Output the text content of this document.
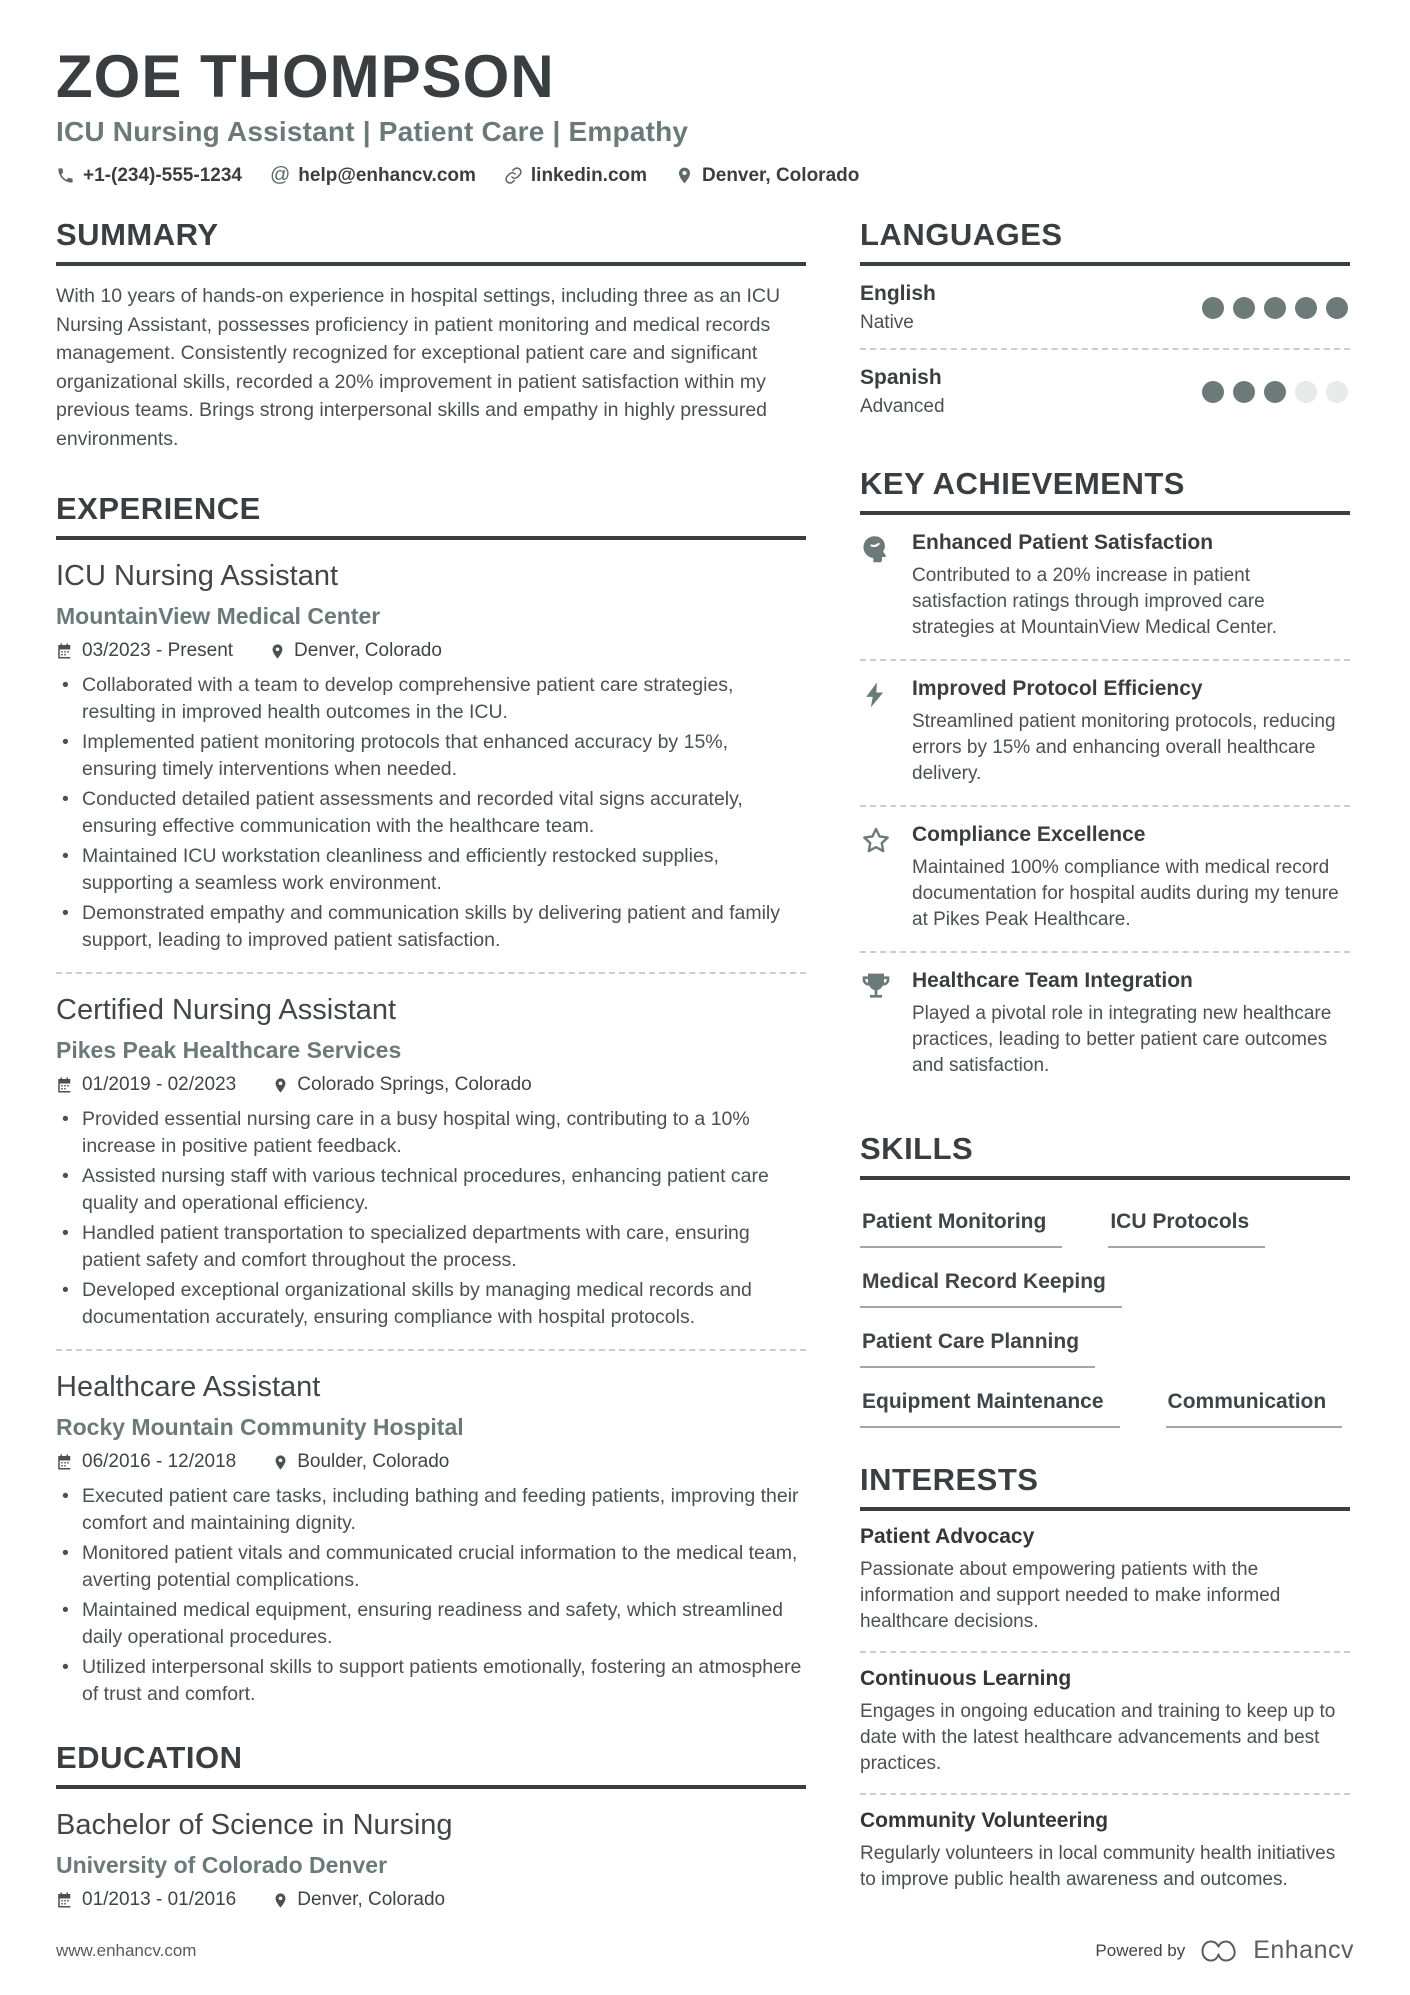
ZOE THOMPSON
ICU Nursing Assistant | Patient Care | Empathy
+1-(234)-555-1234 @ help@enhancv.com	linkedin.com	Denver, Colorado
SUMMARY
With 10 years of hands-on experience in hospital settings, including three as an ICU Nursing Assistant, possesses proficiency in patient monitoring and medical records management. Consistently recognized for exceptional patient care and significant organizational skills, recorded a 20% improvement in patient satisfaction within my previous teams. Brings strong interpersonal skills and empathy in highly pressured environments.
EXPERIENCE
ICU Nursing Assistant
MountainView Medical Center
03/2023 - Present	Denver, Colorado
• Collaborated with a team to develop comprehensive patient care strategies, resulting in improved health outcomes in the ICU.
• Implemented patient monitoring protocols that enhanced accuracy by 15%, ensuring timely interventions when needed.
• Conducted detailed patient assessments and recorded vital signs accurately, ensuring effective communication with the healthcare team.
• Maintained ICU workstation cleanliness and efficiently restocked supplies, supporting a seamless work environment.
• Demonstrated empathy and communication skills by delivering patient and family support, leading to improved patient satisfaction.
Certified Nursing Assistant
Pikes Peak Healthcare Services
01/2019 - 02/2023	Colorado Springs, Colorado
• Provided essential nursing care in a busy hospital wing, contributing to a 10% increase in positive patient feedback.
• Assisted nursing staff with various technical procedures, enhancing patient care quality and operational efficiency.
• Handled patient transportation to specialized departments with care, ensuring patient safety and comfort throughout the process.
• Developed exceptional organizational skills by managing medical records and documentation accurately, ensuring compliance with hospital protocols.
Healthcare Assistant
Rocky Mountain Community Hospital
06/2016 - 12/2018	Boulder, Colorado
• Executed patient care tasks, including bathing and feeding patients, improving their comfort and maintaining dignity.
• Monitored patient vitals and communicated crucial information to the medical team, averting potential complications.
• Maintained medical equipment, ensuring readiness and safety, which streamlined daily operational procedures.
• Utilized interpersonal skills to support patients emotionally, fostering an atmosphere of trust and comfort.
EDUCATION
Bachelor of Science in Nursing
University of Colorado Denver
01/2013 - 01/2016	Denver, Colorado
LANGUAGES
English
Native
Spanish
Advanced
KEY ACHIEVEMENTS
Enhanced Patient Satisfaction
Contributed to a 20% increase in patient satisfaction ratings through improved care strategies at MountainView Medical Center.
Improved Protocol Efficiency
Streamlined patient monitoring protocols, reducing errors by 15% and enhancing overall healthcare delivery.
Compliance Excellence
Maintained 100% compliance with medical record documentation for hospital audits during my tenure at Pikes Peak Healthcare.
Healthcare Team Integration
Played a pivotal role in integrating new healthcare practices, leading to better patient care outcomes and satisfaction.
SKILLS
Patient Monitoring	ICU Protocols
Medical Record Keeping
Patient Care Planning
Equipment Maintenance	Communication
INTERESTS
Patient Advocacy
Passionate about empowering patients with the information and support needed to make informed healthcare decisions.
Continuous Learning
Engages in ongoing education and training to keep up to date with the latest healthcare advancements and best practices.
Community Volunteering
Regularly volunteers in local community health initiatives to improve public health awareness and outcomes.
www.enhancv.com	Powered by	Enhancv
